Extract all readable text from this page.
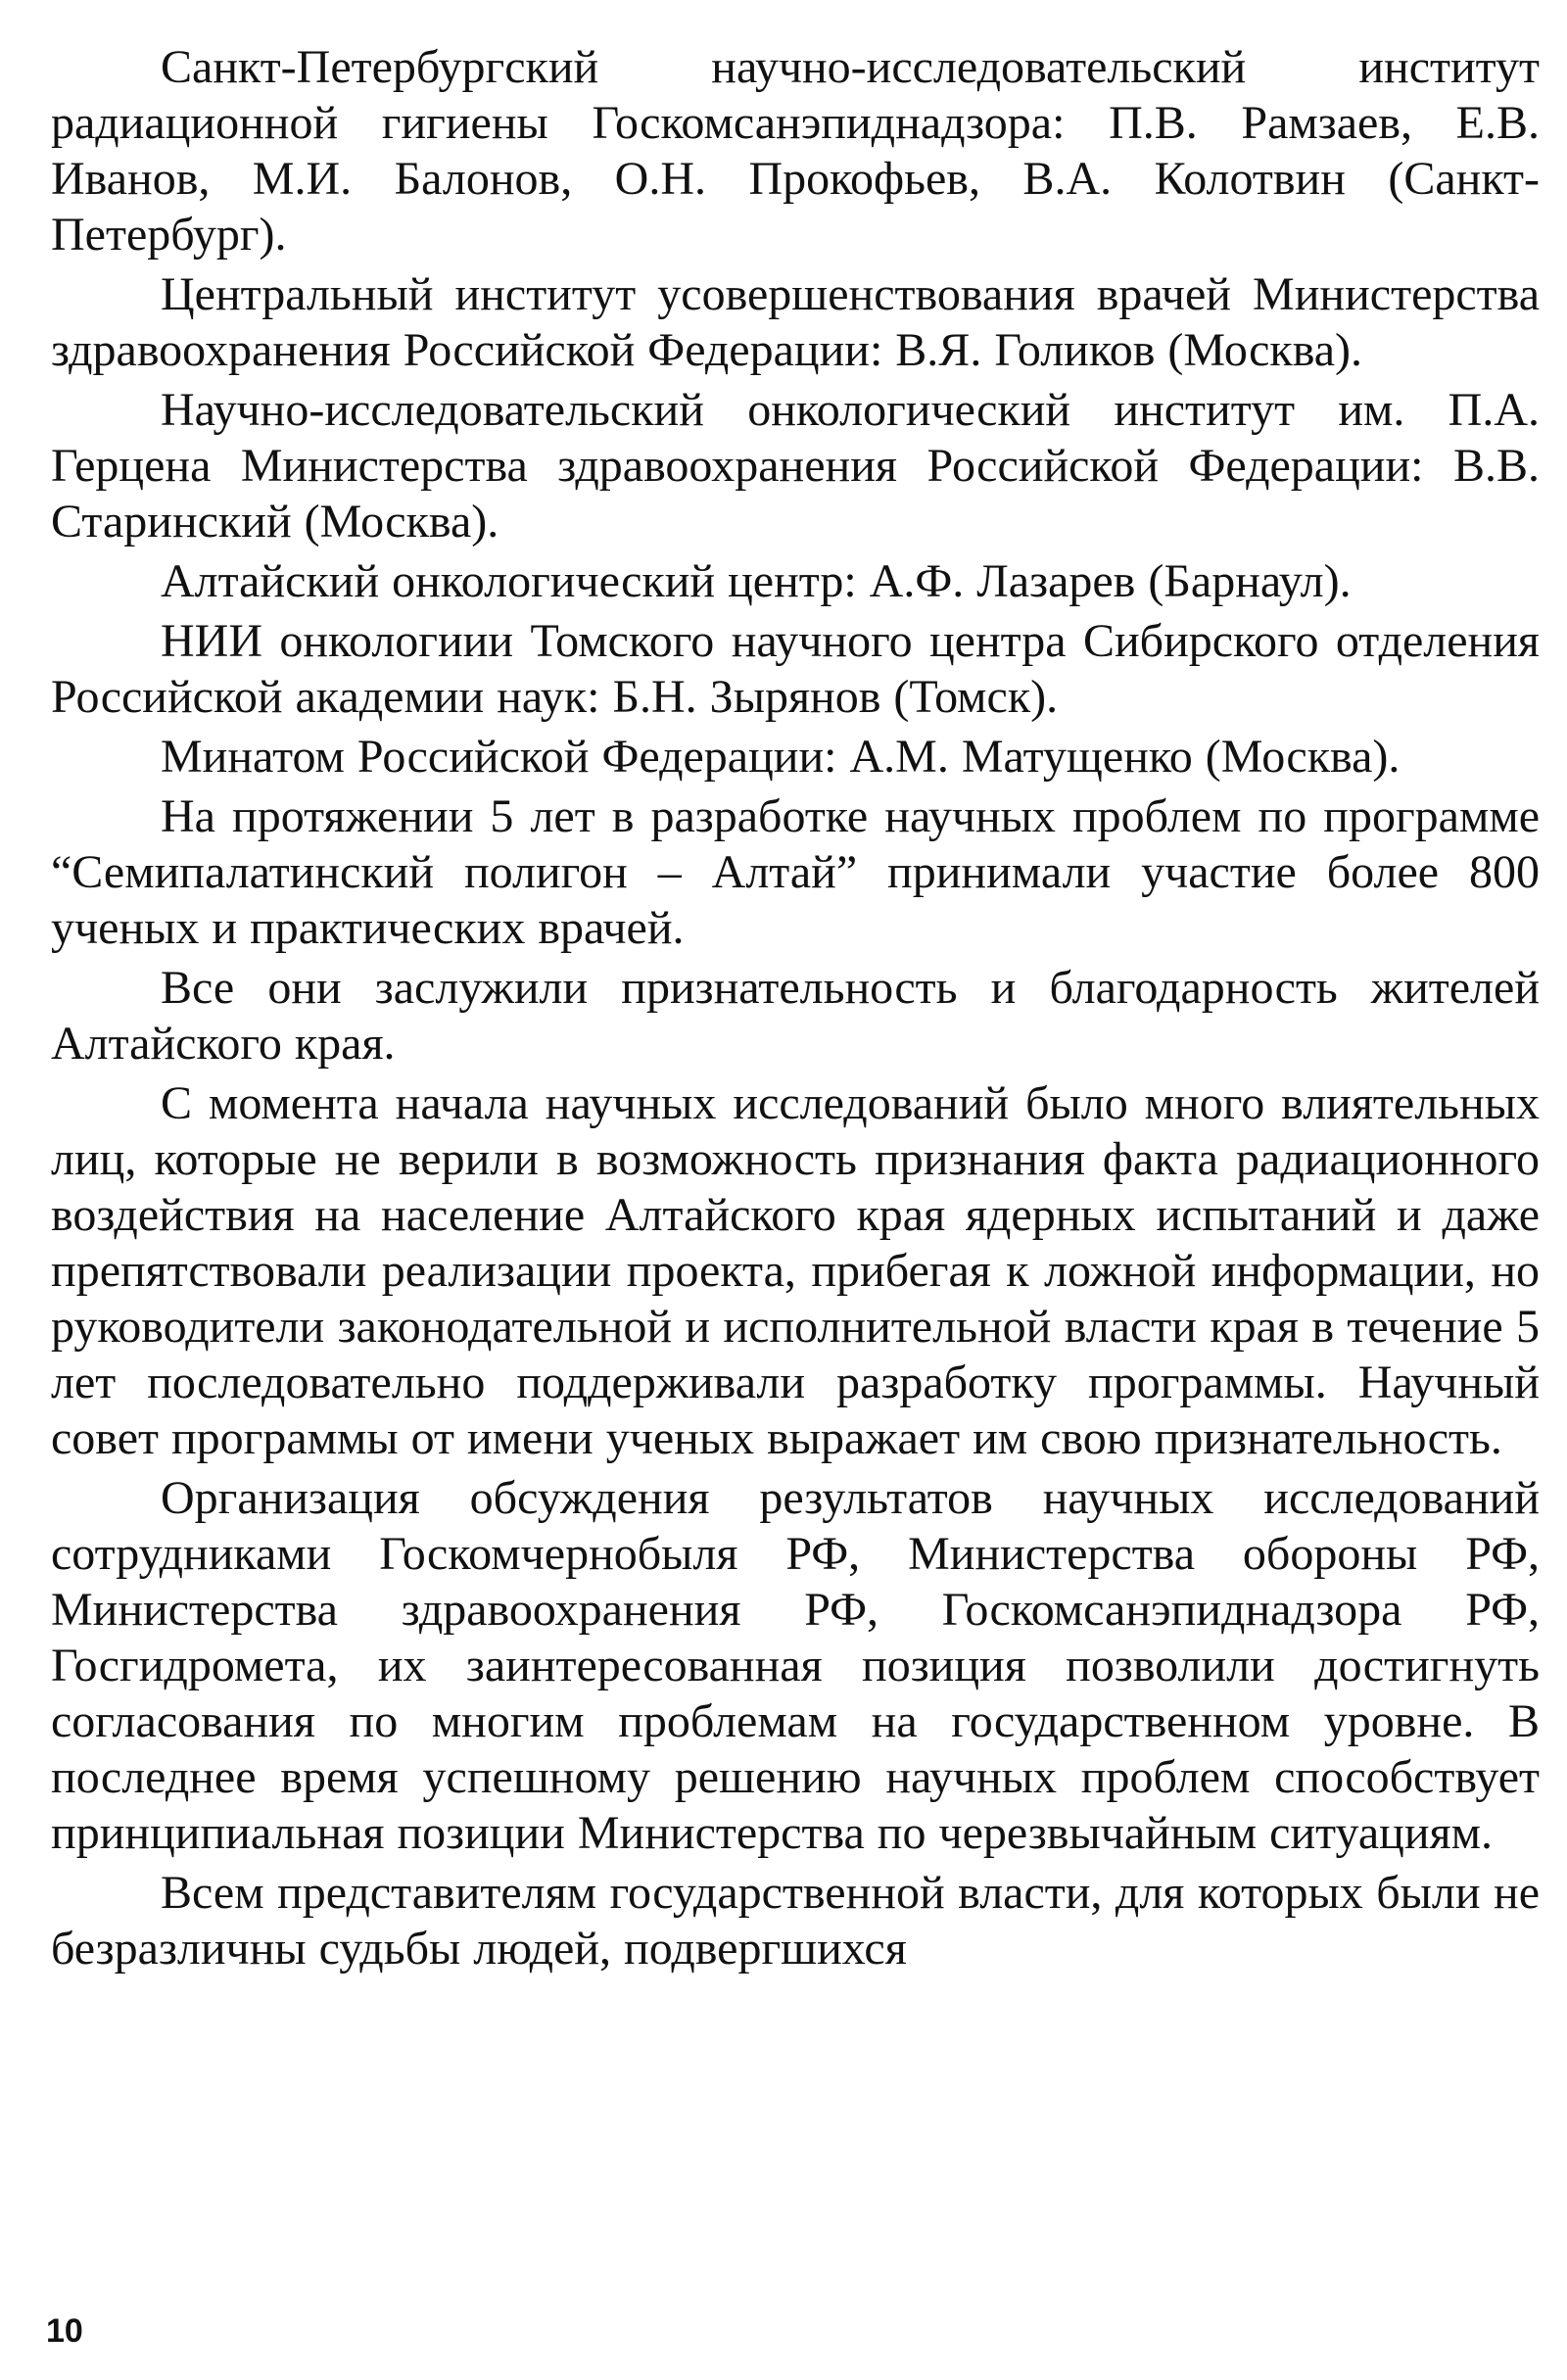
Санкт-Петербургский научно-исследовательский институт радиационной гигиены Госкомсанэпиднадзора: П.В. Рамзаев, Е.В. Иванов, М.И. Балонов, О.Н. Прокофьев, В.А. Колотвин (Санкт-Петербург).

Центральный институт усовершенствования врачей Министерства здравоохранения Российской Федерации: В.Я. Голиков (Москва).

Научно-исследовательский онкологический институт им. П.А. Герцена Министерства здравоохранения Российской Федерации: В.В. Старинский (Москва).

Алтайский онкологический центр: А.Ф. Лазарев (Барнаул).

НИИ онкологиии Томского научного центра Сибирского отделения Российской академии наук: Б.Н. Зырянов (Томск).

Минатом Российской Федерации: А.М. Матущенко (Москва).

На протяжении 5 лет в разработке научных проблем по программе “Семипалатинский полигон – Алтай” принимали участие более 800 ученых и практических врачей.

Все они заслужили признательность и благодарность жителей Алтайского края.

С момента начала научных исследований было много влиятельных лиц, которые не верили в возможность признания факта радиационного воздействия на население Алтайского края ядерных испытаний и даже препятствовали реализации проекта, прибегая к ложной информации, но руководители законодательной и исполнительной власти края в течение 5 лет последовательно поддерживали разработку программы. Научный совет программы от имени ученых выражает им свою признательность.

Организация обсуждения результатов научных исследований сотрудниками Госкомчернобыля РФ, Министерства обороны РФ, Министерства здравоохранения РФ, Госкомсанэпиднадзора РФ, Госгидромета, их заинтересованная позиция позволили достигнуть согласования по многим проблемам на государственном уровне. В последнее время успешному решению научных проблем способствует принципиальная позиции Министерства по черезвычайным ситуациям.

Всем представителям государственной власти, для которых были не безразличны судьбы людей, подвергшихся

10
